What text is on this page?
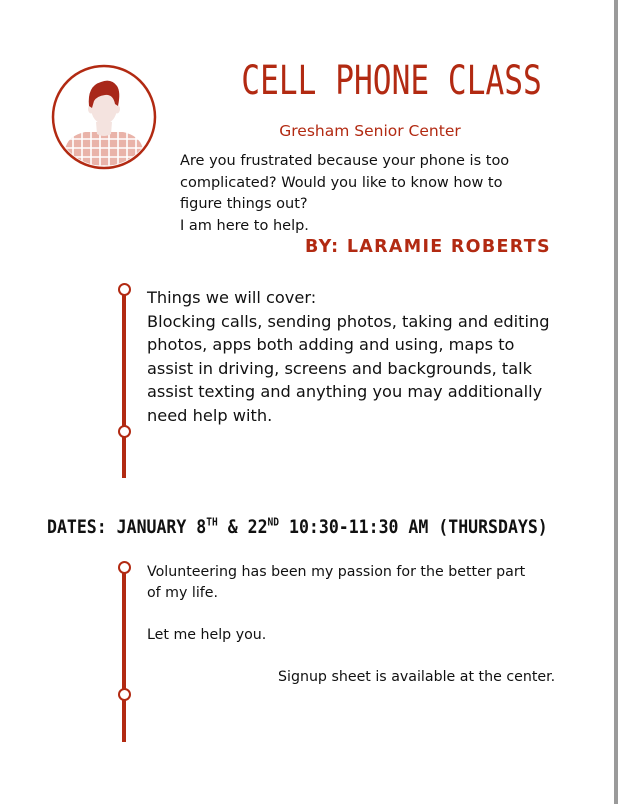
CELL PHONE CLASS
Gresham Senior Center
Are you frustrated because your phone is too
complicated? Would you like to know how to
figure things out?
I am here to help.
BY: LARAMIE ROBERTS
Things we will cover:
Blocking calls, sending photos, taking and editing
photos, apps both adding and using, maps to
assist in driving, screens and backgrounds, talk
assist texting and anything you may additionally
need help with.
DATES: JANUARY 8TH & 22ND 10:30-11:30 AM (THURSDAYS)
Volunteering has been my passion for the better part
of my life.
Let me help you.
Signup sheet is available at the center.
